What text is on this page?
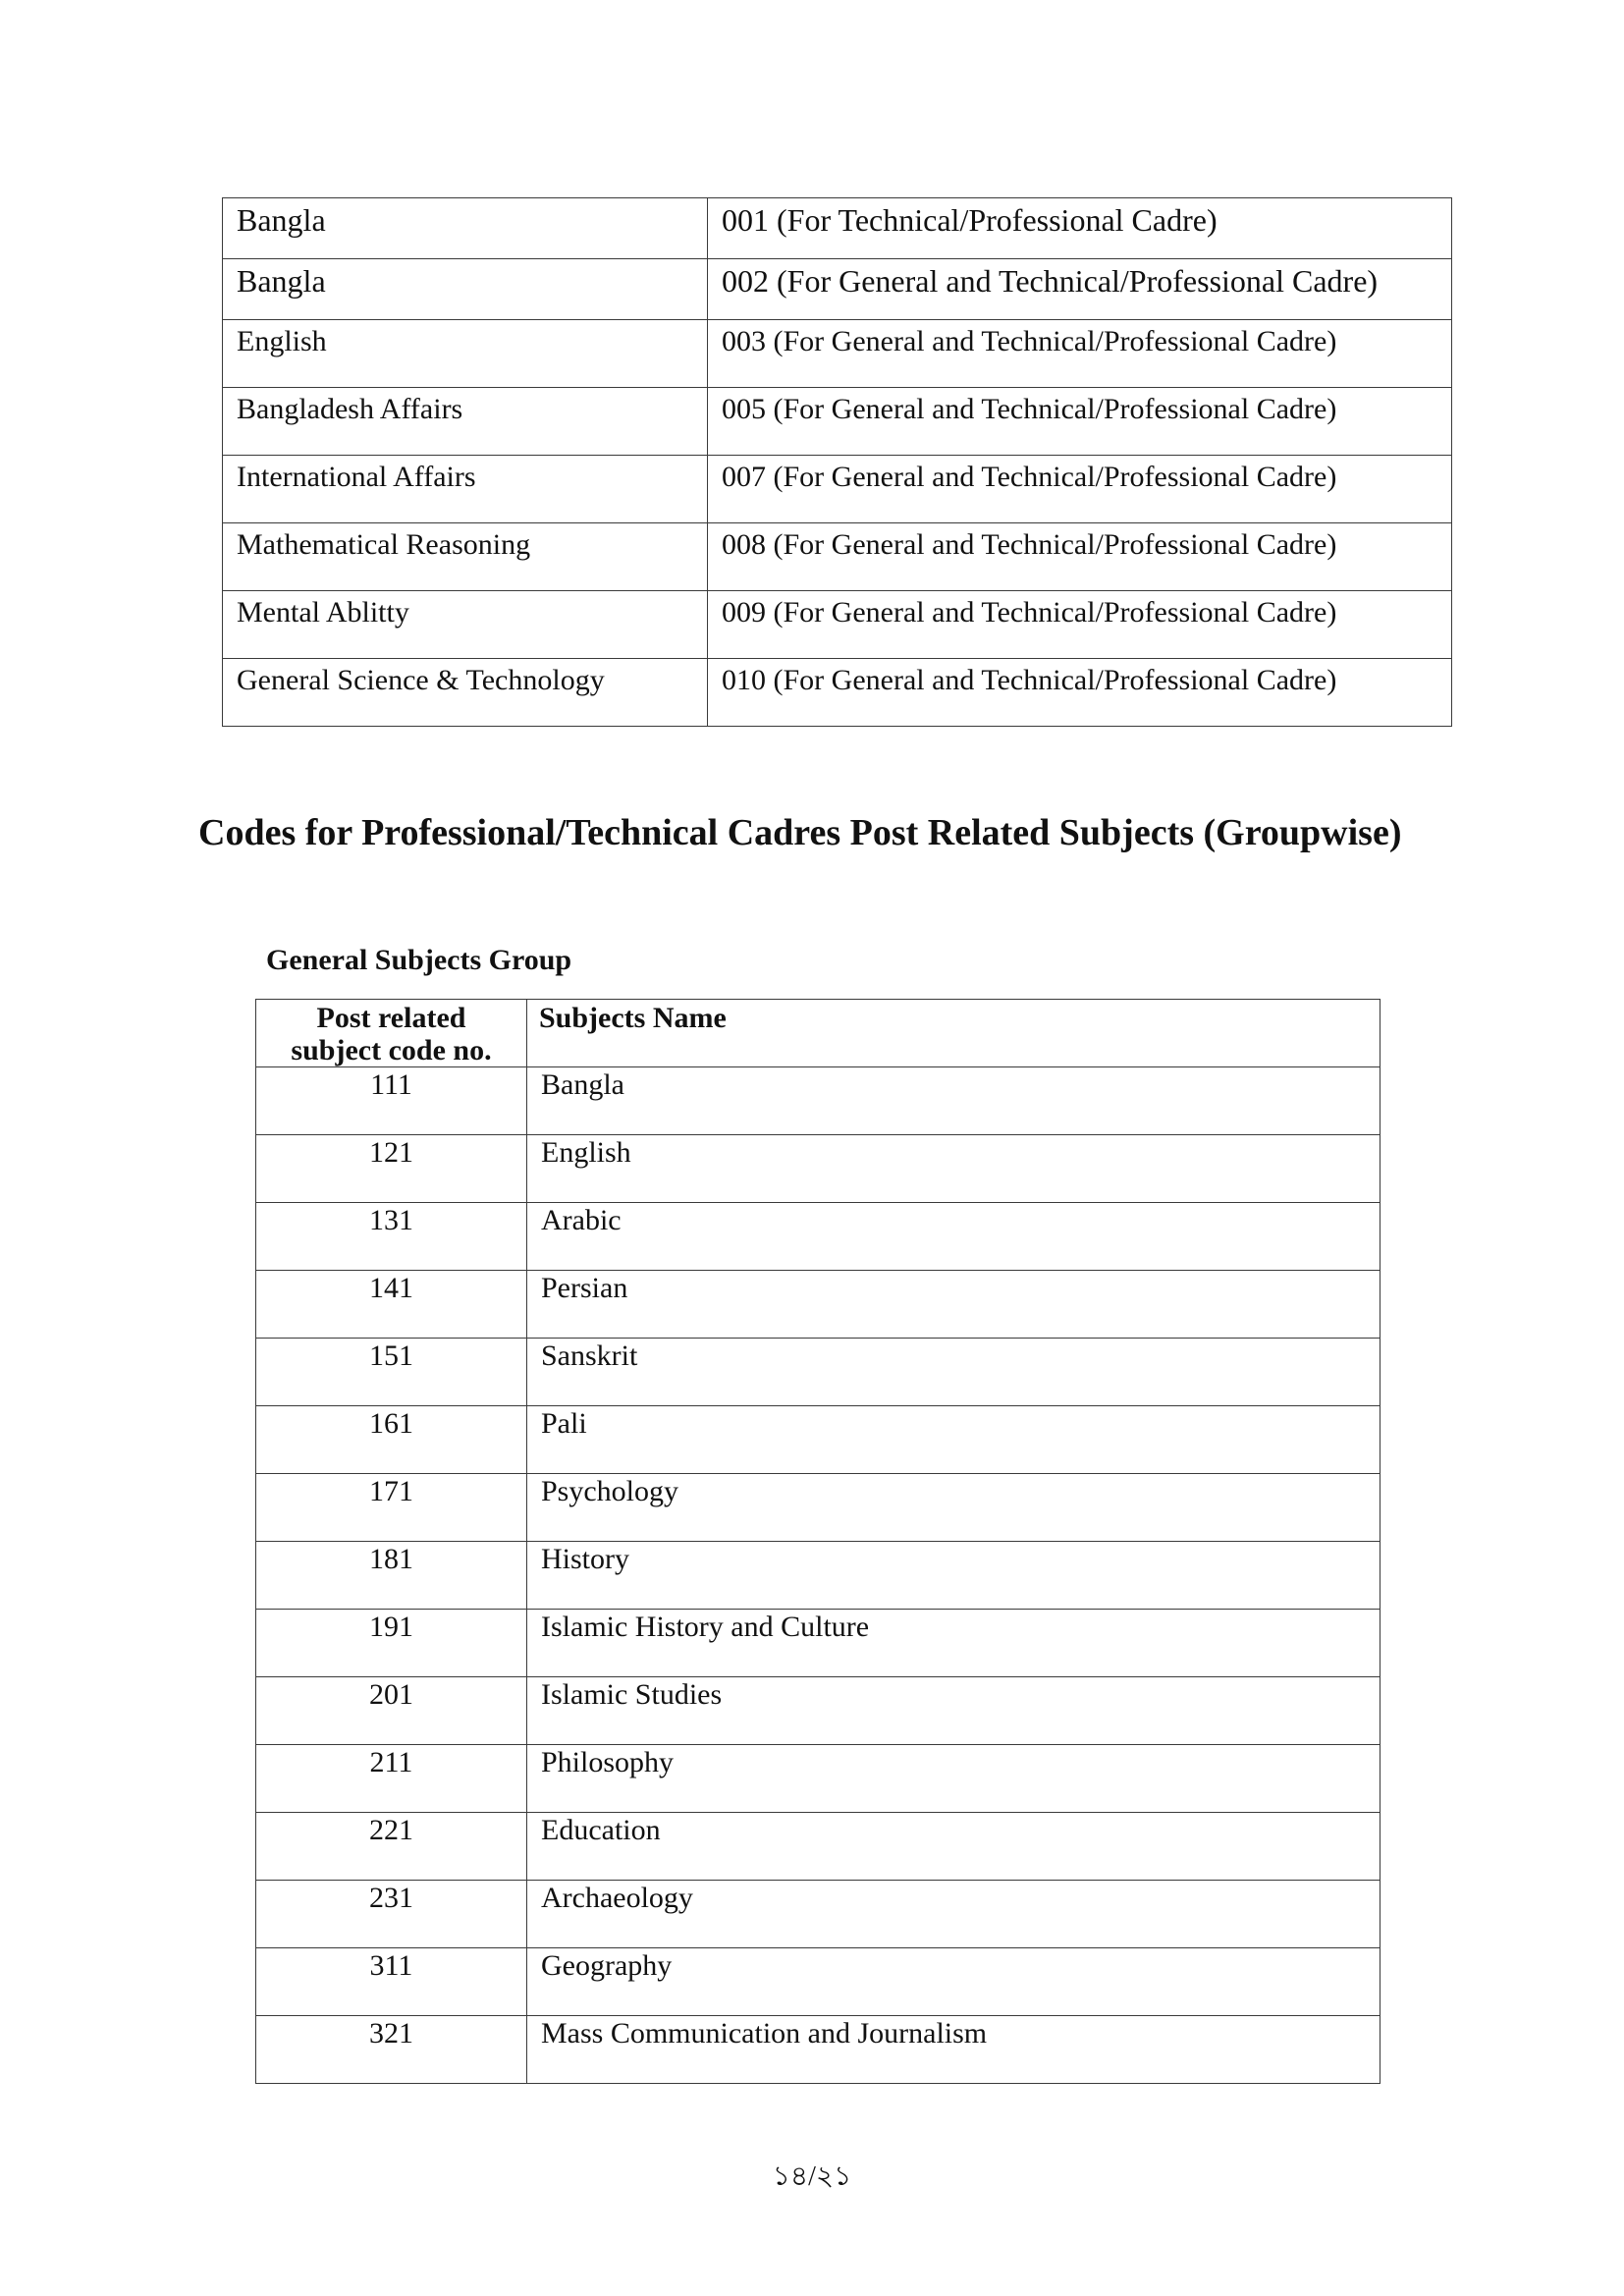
Bangla	001 (For Technical/Professional Cadre)

Bangla	002 (For General and Technical/Professional Cadre)

English	003 (For General and Technical/Professional Cadre)

Bangladesh Affairs	005 (For General and Technical/Professional Cadre)

International Affairs	007 (For General and Technical/Professional Cadre)

Mathematical Reasoning	008 (For General and Technical/Professional Cadre)

Mental Ablitty	009 (For General and Technical/Professional Cadre)

General Science & Technology	010 (For General and Technical/Professional Cadre)
Codes for Professional/Technical Cadres Post Related Subjects (Groupwise)
General Subjects Group
Post related subject code no.	Subjects Name

111	Bangla

121	English

131	Arabic

141	Persian

151	Sanskrit

161	Pali

171	Psychology

181	History

191	Islamic History and Culture

201	Islamic Studies

211	Philosophy

221	Education

231	Archaeology

311	Geography

321	Mass Communication and Journalism
১৪/২১
